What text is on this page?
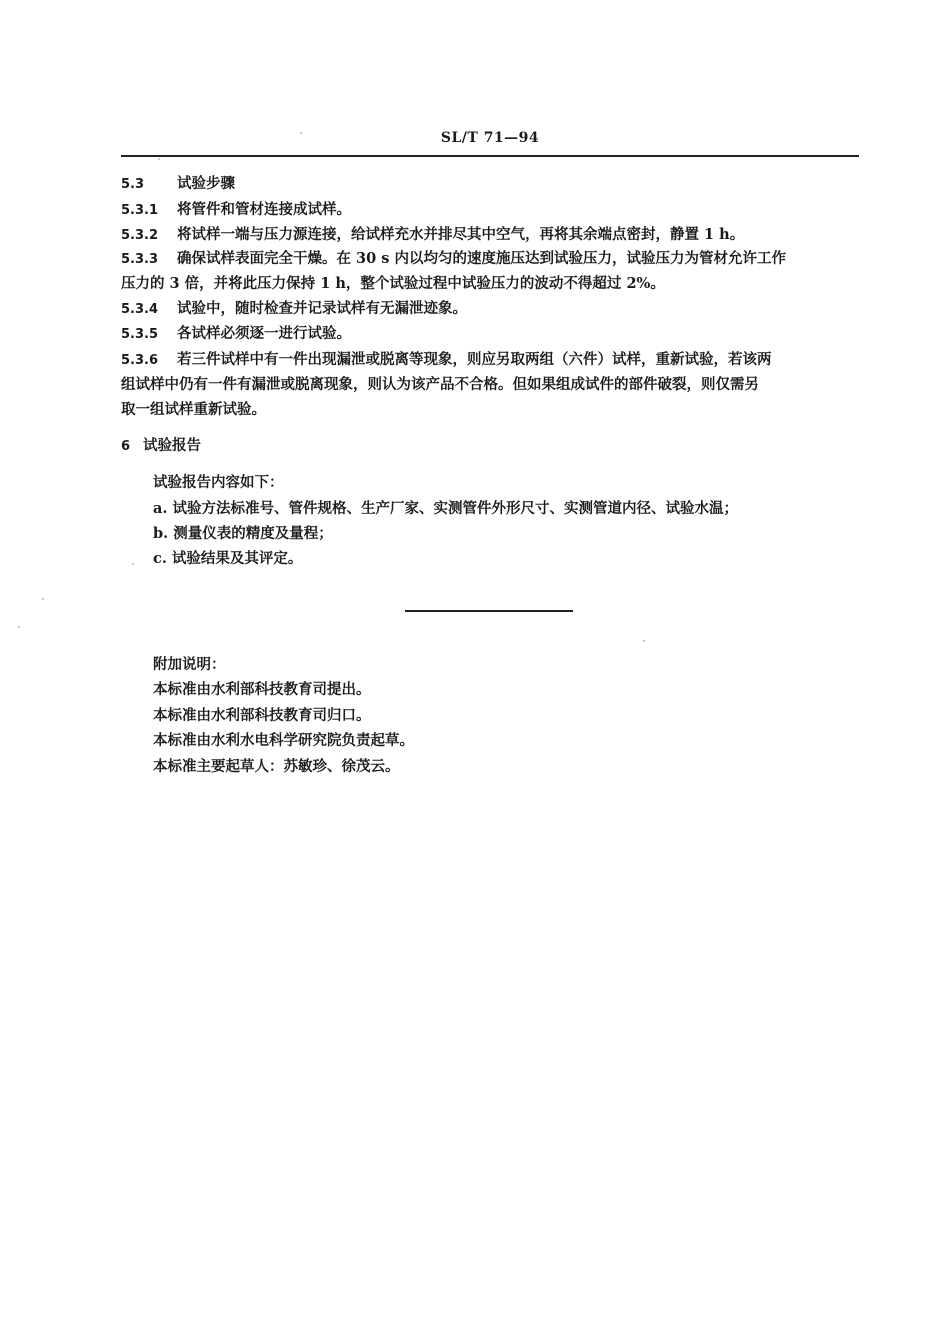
SL/T 71—94
5.3 试验步骤
5.3.1 将管件和管材连接成试样。
5.3.2 将试样一端与压力源连接，给试样充水并排尽其中空气，再将其余端点密封，静置 1 h。
5.3.3 确保试样表面完全干燥。在 30 s 内以均匀的速度施压达到试验压力，试验压力为管材允许工作
压力的 3 倍，并将此压力保持 1 h，整个试验过程中试验压力的波动不得超过 2%。
5.3.4 试验中，随时检查并记录试样有无漏泄迹象。
5.3.5 各试样必须逐一进行试验。
5.3.6 若三件试样中有一件出现漏泄或脱离等现象，则应另取两组（六件）试样，重新试验，若该两
组试样中仍有一件有漏泄或脱离现象，则认为该产品不合格。但如果组成试件的部件破裂，则仅需另
取一组试样重新试验。
6 试验报告
试验报告内容如下：
a. 试验方法标准号、管件规格、生产厂家、实测管件外形尺寸、实测管道内径、试验水温；
b. 测量仪表的精度及量程；
c. 试验结果及其评定。
附加说明：
本标准由水利部科技教育司提出。
本标准由水利部科技教育司归口。
本标准由水利水电科学研究院负责起草。
本标准主要起草人：苏敏珍、徐茂云。
